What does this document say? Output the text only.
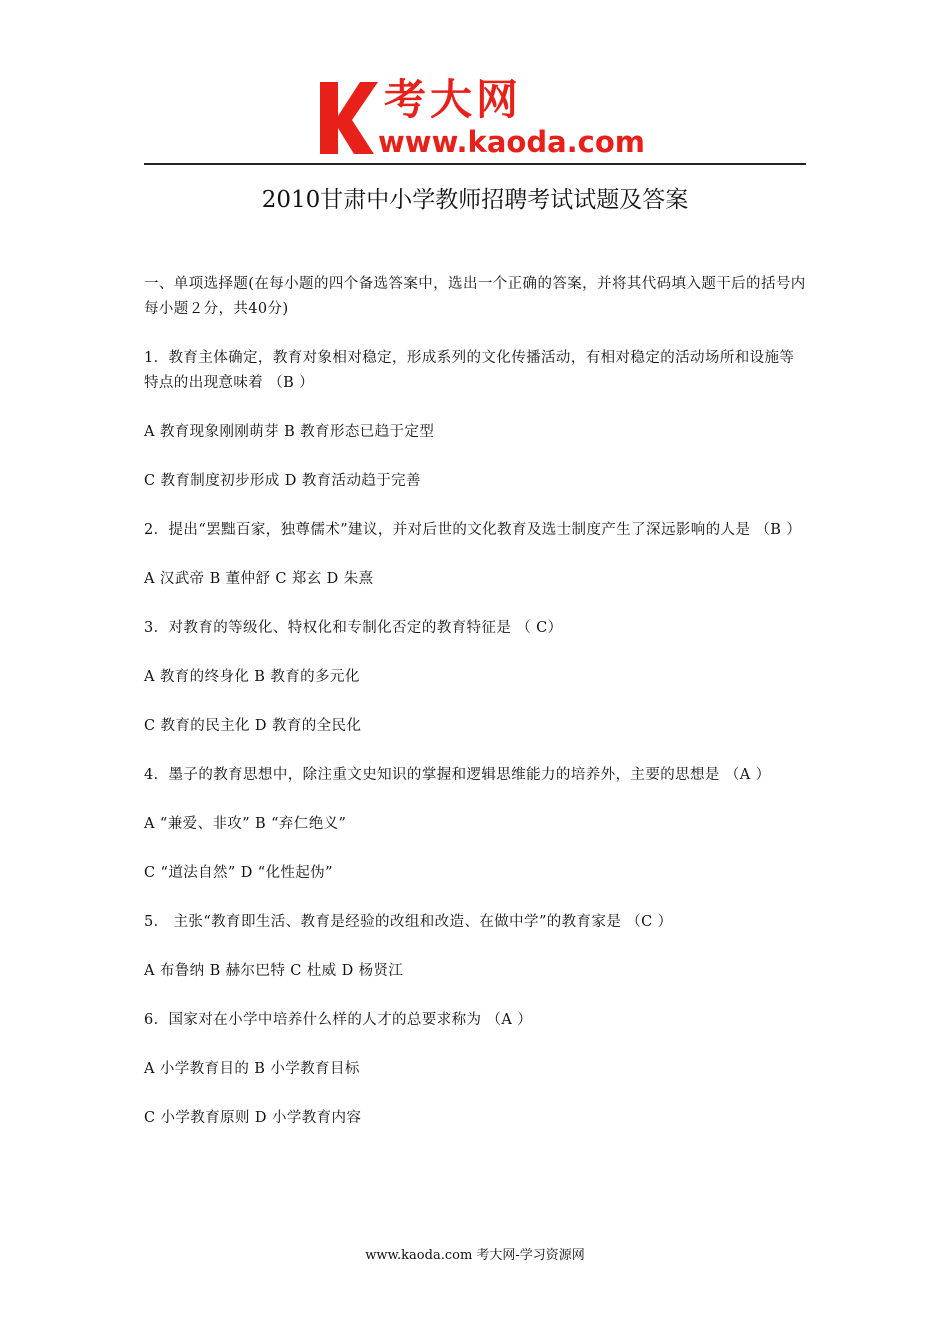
考大网
www.kaoda.com
2010甘肃中小学教师招聘考试试题及答案

一、单项选择题(在每小题的四个备选答案中，选出一个正确的答案，并将其代码填入题干后的括号内每小题２分，共40分)

1．教育主体确定，教育对象相对稳定，形成系列的文化传播活动，有相对稳定的活动场所和设施等特点的出现意味着 （B ）

A 教育现象刚刚萌芽 B 教育形态已趋于定型

C 教育制度初步形成 D 教育活动趋于完善

2．提出“罢黜百家，独尊儒术”建议，并对后世的文化教育及选士制度产生了深远影响的人是 （B ）

A 汉武帝 B 董仲舒 C 郑玄 D 朱熹

3．对教育的等级化、特权化和专制化否定的教育特征是 （ C）

A 教育的终身化 B 教育的多元化

C 教育的民主化 D 教育的全民化

4．墨子的教育思想中，除注重文史知识的掌握和逻辑思维能力的培养外，主要的思想是 （A ）

A “兼爱、非攻” B “弃仁绝义”

C “道法自然” D “化性起伪”

5． 主张“教育即生活、教育是经验的改组和改造、在做中学”的教育家是 （C ）

A 布鲁纳 B 赫尔巴特 C 杜威 D 杨贤江

6．国家对在小学中培养什么样的人才的总要求称为 （A ）

A 小学教育目的 B 小学教育目标

C 小学教育原则 D 小学教育内容

www.kaoda.com 考大网-学习资源网
